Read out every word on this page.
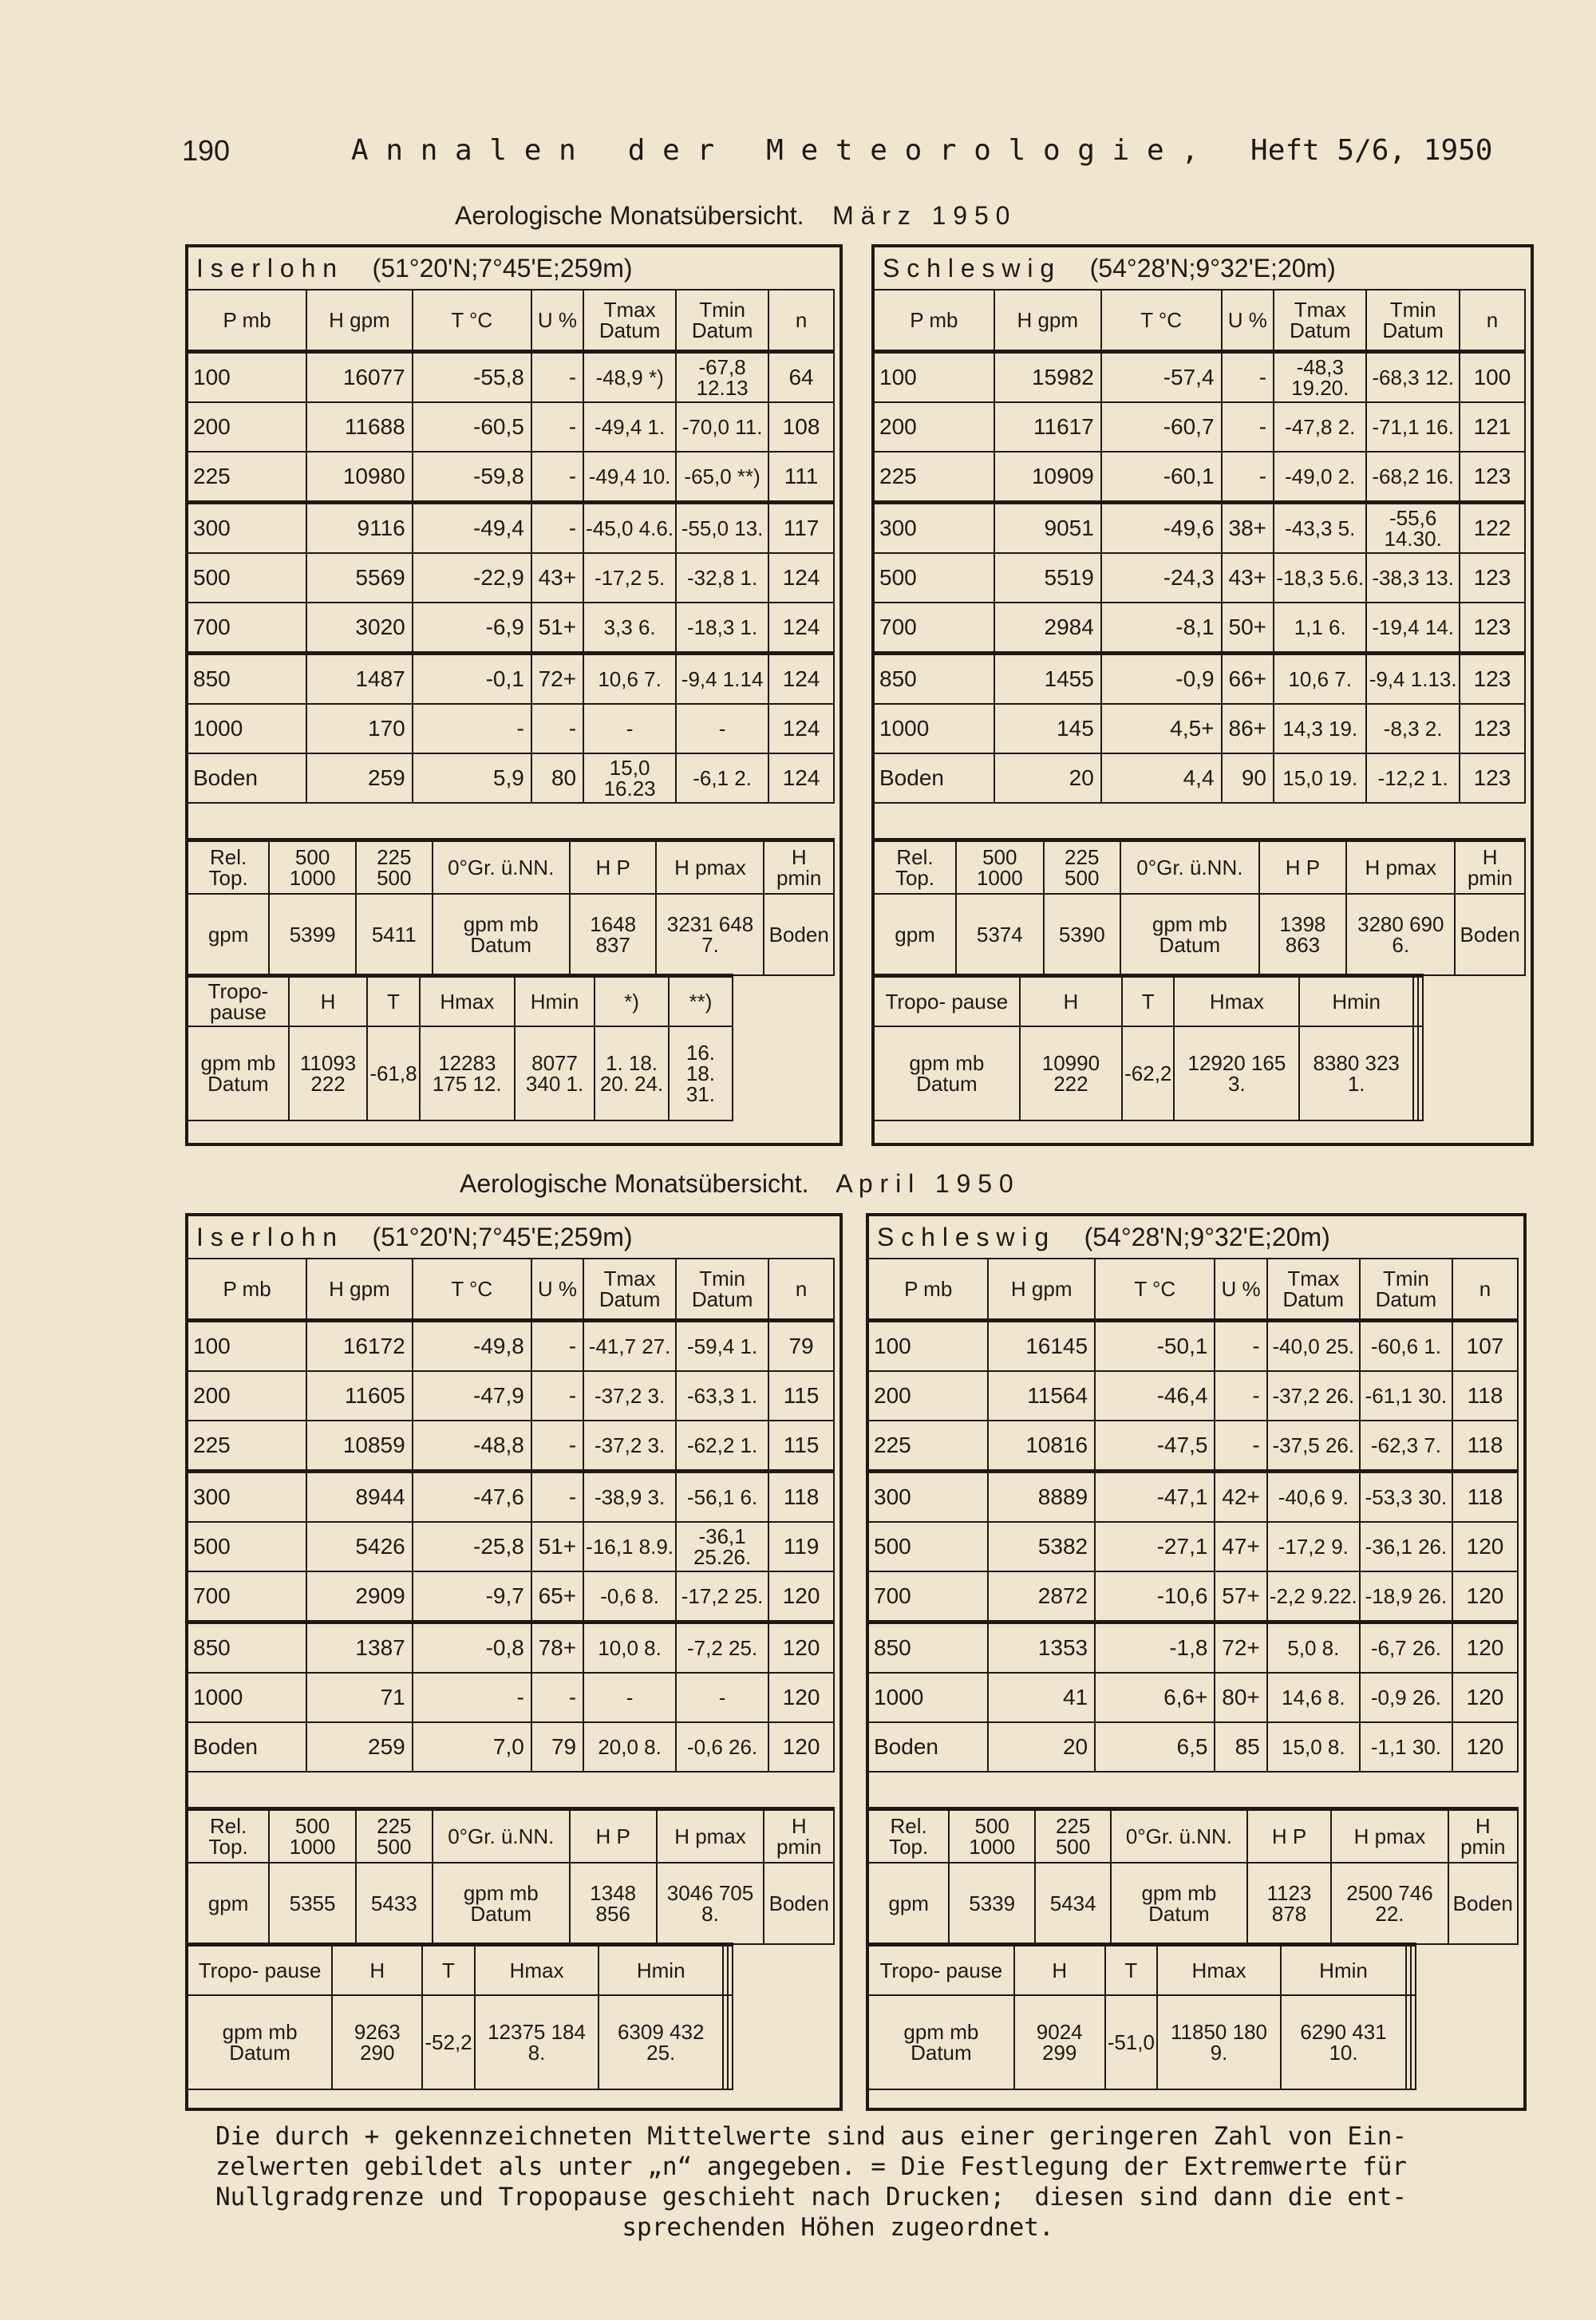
190	A n n a l e n   d e r   M e t e o r o l o g i e ,   Heft 5/6, 1950
Aerologische Monatsübersicht.    M ä r z   1 9 5 0
I s e r l o h n     (51°20'N;7°45'E;259m)
P mb	H gpm	T °C	U %	Tmax Datum	Tmin Datum	n
100	16077	-55,8	-	-48,9 *)	-67,8 12.13	64
200	11688	-60,5	-	-49,4 1.	-70,0 11.	108
225	10980	-59,8	-	-49,4 10.	-65,0 **)	111
300	9116	-49,4	-	-45,0 4.6.	-55,0 13.	117
500	5569	-22,9	43+	-17,2 5.	-32,8 1.	124
700	3020	-6,9	51+	3,3 6.	-18,3 1.	124
850	1487	-0,1	72+	10,6 7.	-9,4 1.14	124
1000	170	-	-	-	-	124
Boden	259	5,9	80	15,0 16.23	-6,1 2.	124
Rel. Top.	500 1000	225 500	0°Gr. ü.NN.	H P	H pmax	H pmin
gpm	5399	5411	gpm mb Datum	1648 837	3231 648 7.	Boden
Tropo- pause	H	T	Hmax	Hmin	*)	**)
gpm mb Datum	11093 222	-61,8	12283 175 12.	8077 340 1.	1. 18. 20. 24.	16. 18. 31.
S c h l e s w i g     (54°28'N;9°32'E;20m)
P mb	H gpm	T °C	U %	Tmax Datum	Tmin Datum	n
100	15982	-57,4	-	-48,3 19.20.	-68,3 12.	100
200	11617	-60,7	-	-47,8 2.	-71,1 16.	121
225	10909	-60,1	-	-49,0 2.	-68,2 16.	123
300	9051	-49,6	38+	-43,3 5.	-55,6 14.30.	122
500	5519	-24,3	43+	-18,3 5.6.	-38,3 13.	123
700	2984	-8,1	50+	1,1 6.	-19,4 14.	123
850	1455	-0,9	66+	10,6 7.	-9,4 1.13.	123
1000	145	4,5+	86+	14,3 19.	-8,3 2.	123
Boden	20	4,4	90	15,0 19.	-12,2 1.	123
Rel. Top.	500 1000	225 500	0°Gr. ü.NN.	H P	H pmax	H pmin
gpm	5374	5390	gpm mb Datum	1398 863	3280 690 6.	Boden
Tropo- pause	H	T	Hmax	Hmin		
gpm mb Datum	10990 222	-62,2	12920 165 3.	8380 323 1.		
Aerologische Monatsübersicht.    A p r i l   1 9 5 0
I s e r l o h n     (51°20'N;7°45'E;259m)
P mb	H gpm	T °C	U %	Tmax Datum	Tmin Datum	n
100	16172	-49,8	-	-41,7 27.	-59,4 1.	79
200	11605	-47,9	-	-37,2 3.	-63,3 1.	115
225	10859	-48,8	-	-37,2 3.	-62,2 1.	115
300	8944	-47,6	-	-38,9 3.	-56,1 6.	118
500	5426	-25,8	51+	-16,1 8.9.	-36,1 25.26.	119
700	2909	-9,7	65+	-0,6 8.	-17,2 25.	120
850	1387	-0,8	78+	10,0 8.	-7,2 25.	120
1000	71	-	-	-	-	120
Boden	259	7,0	79	20,0 8.	-0,6 26.	120
Rel. Top.	500 1000	225 500	0°Gr. ü.NN.	H P	H pmax	H pmin
gpm	5355	5433	gpm mb Datum	1348 856	3046 705 8.	Boden
Tropo- pause	H	T	Hmax	Hmin		
gpm mb Datum	9263 290	-52,2	12375 184 8.	6309 432 25.		
S c h l e s w i g     (54°28'N;9°32'E;20m)
P mb	H gpm	T °C	U %	Tmax Datum	Tmin Datum	n
100	16145	-50,1	-	-40,0 25.	-60,6 1.	107
200	11564	-46,4	-	-37,2 26.	-61,1 30.	118
225	10816	-47,5	-	-37,5 26.	-62,3 7.	118
300	8889	-47,1	42+	-40,6 9.	-53,3 30.	118
500	5382	-27,1	47+	-17,2 9.	-36,1 26.	120
700	2872	-10,6	57+	-2,2 9.22.	-18,9 26.	120
850	1353	-1,8	72+	5,0 8.	-6,7 26.	120
1000	41	6,6+	80+	14,6 8.	-0,9 26.	120
Boden	20	6,5	85	15,0 8.	-1,1 30.	120
Rel. Top.	500 1000	225 500	0°Gr. ü.NN.	H P	H pmax	H pmin
gpm	5339	5434	gpm mb Datum	1123 878	2500 746 22.	Boden
Tropo- pause	H	T	Hmax	Hmin		
gpm mb Datum	9024 299	-51,0	11850 180 9.	6290 431 10.		
Die durch + gekennzeichneten Mittelwerte sind aus einer geringeren Zahl von Ein-
zelwerten gebildet als unter „n“ angegeben. = Die Festlegung der Extremwerte für
Nullgradgrenze und Tropopause geschieht nach Drucken;  diesen sind dann die ent-
sprechenden Höhen zugeordnet.
